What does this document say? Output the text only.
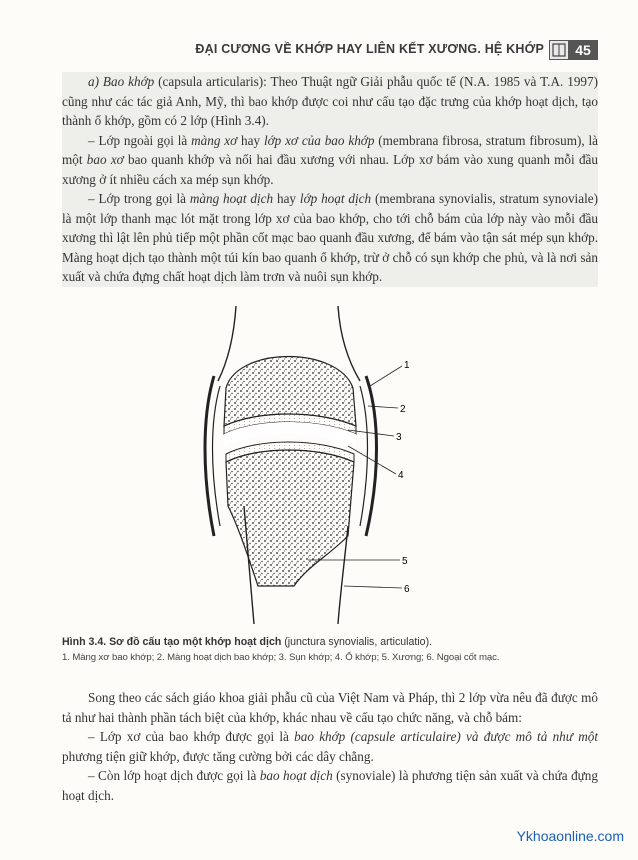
ĐẠI CƯƠNG VỀ KHỚP HAY LIÊN KẾT XƯƠNG. HỆ KHỚP	45

a) Bao khớp (capsula articularis): Theo Thuật ngữ Giải phẫu quốc tế (N.A. 1985 và T.A. 1997) cũng như các tác giả Anh, Mỹ, thì bao khớp được coi như cấu tạo đặc trưng của khớp hoạt dịch, tạo thành ổ khớp, gồm có 2 lớp (Hình 3.4).

– Lớp ngoài gọi là màng xơ hay lớp xơ của bao khớp (membrana fibrosa, stratum fibrosum), là một bao xơ bao quanh khớp và nối hai đầu xương với nhau. Lớp xơ bám vào xung quanh mỗi đầu xương ở ít nhiều cách xa mép sụn khớp.

– Lớp trong gọi là màng hoạt dịch hay lớp hoạt dịch (membrana synovialis, stratum synoviale) là một lớp thanh mạc lót mặt trong lớp xơ của bao khớp, cho tới chỗ bám của lớp này vào mỗi đầu xương thì lật lên phủ tiếp một phần cốt mạc bao quanh đầu xương, để bám vào tận sát mép sụn khớp. Màng hoạt dịch tạo thành một túi kín bao quanh ổ khớp, trừ ở chỗ có sụn khớp che phủ, và là nơi sản xuất và chứa đựng chất hoạt dịch làm trơn và nuôi sụn khớp.

1
2
3
4
5
6
Hình 3.4. Sơ đồ cấu tạo một khớp hoạt dịch (junctura synovialis, articulatio).
1. Màng xơ bao khớp; 2. Màng hoạt dịch bao khớp; 3. Sụn khớp; 4. Ổ khớp; 5. Xương; 6. Ngoại cốt mạc.

Song theo các sách giáo khoa giải phẫu cũ của Việt Nam và Pháp, thì 2 lớp vừa nêu đã được mô tả như hai thành phần tách biệt của khớp, khác nhau về cấu tạo chức năng, và chỗ bám:

– Lớp xơ của bao khớp được gọi là bao khớp (capsule articulaire) và được mô tả như một phương tiện giữ khớp, được tăng cường bởi các dây chằng.

– Còn lớp hoạt dịch được gọi là bao hoạt dịch (synoviale) là phương tiện sản xuất và chứa đựng hoạt dịch.

Ykhoaonline.com
